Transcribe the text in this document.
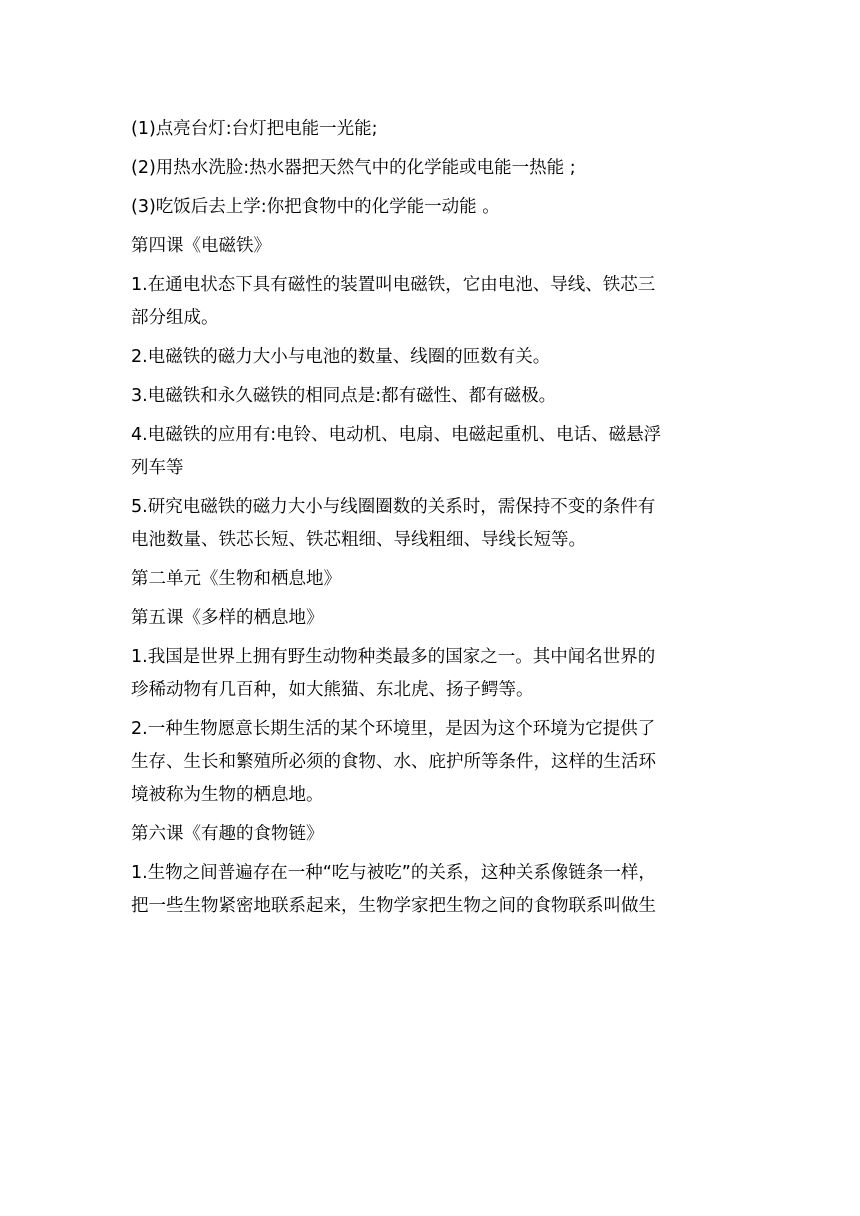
(1)点亮台灯:台灯把电能一光能;

(2)用热水洗脸:热水器把天然气中的化学能或电能一热能 ;

(3)吃饭后去上学:你把食物中的化学能一动能 。

第四课《电磁铁》

1.在通电状态下具有磁性的装置叫电磁铁，它由电池、导线、铁芯三

部分组成。

2.电磁铁的磁力大小与电池的数量、线圈的匝数有关。

3.电磁铁和永久磁铁的相同点是:都有磁性、都有磁极。

4.电磁铁的应用有:电铃、电动机、电扇、电磁起重机、电话、磁悬浮

列车等

5.研究电磁铁的磁力大小与线圈圈数的关系时，需保持不变的条件有

电池数量、铁芯长短、铁芯粗细、导线粗细、导线长短等。

第二单元《生物和栖息地》

第五课《多样的栖息地》

1.我国是世界上拥有野生动物种类最多的国家之一。其中闻名世界的

珍稀动物有几百种，如大熊猫、东北虎、扬子鳄等。

2.一种生物愿意长期生活的某个环境里，是因为这个环境为它提供了

生存、生长和繁殖所必须的食物、水、庇护所等条件，这样的生活环

境被称为生物的栖息地。

第六课《有趣的食物链》

1.生物之间普遍存在一种“吃与被吃”的关系，这种关系像链条一样，

把一些生物紧密地联系起来，生物学家把生物之间的食物联系叫做生
